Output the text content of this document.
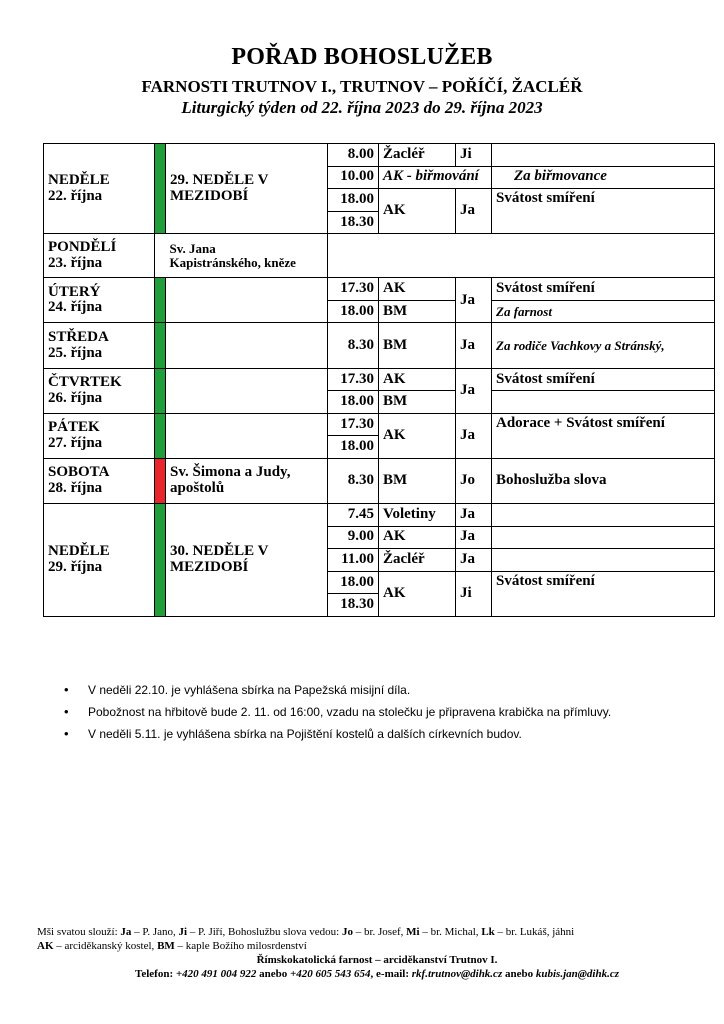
POŘAD BOHOSLUŽEB
FARNOSTI TRUTNOV I., TRUTNOV – POŘÍČÍ, ŽACLÉŘ
Liturgický týden od 22. října 2023 do 29. října 2023
NEDĚLE
22. října		29. NEDĚLE V MEZIDOBÍ	8.00	Žacléř	Ji	
			10.00	AK - biřmování		Za biřmovance
			18.00	AK	Ja	Svátost smíření
			18.30			
PONDĚLÍ
23. října		Sv. Jana
Kapistránského, kněze				
ÚTERÝ
24. října			17.30	AK	Ja	Svátost smíření
			18.00	BM		Za farnost
STŘEDA
25. října			8.30	BM	Ja	Za rodiče Vachkovy a Stránský,
ČTVRTEK
26. října			17.30	AK	Ja	Svátost smíření
			18.00	BM		
PÁTEK
27. října			17.30	AK	Ja	Adorace + Svátost smíření
			18.00			
SOBOTA
28. října		Sv. Šimona a Judy, apoštolů	8.30	BM	Jo	Bohoslužba slova
NEDĚLE
29. října		30. NEDĚLE V MEZIDOBÍ	7.45	Voletiny	Ja	
			9.00	AK	Ja	
			11.00	Žacléř	Ja	
			18.00	AK	Ji	Svátost smíření
			18.30			
• V neděli 22.10. je vyhlášena sbírka na Papežská misijní díla.
• Pobožnost na hřbitově bude 2. 11. od 16:00, vzadu na stolečku je připravena krabička na přímluvy.
• V neděli 5.11. je vyhlášena sbírka na Pojištění kostelů a dalších církevních budov.
Mši svatou slouží: Ja – P. Jano, Ji – P. Jiří, Bohoslužbu slova vedou: Jo – br. Josef, Mi – br. Michal, Lk – br. Lukáš, jáhni
AK – arciděkanský kostel, BM – kaple Božího milosrdenství
Římskokatolická farnost – arciděkanství Trutnov I.
Telefon: +420 491 004 922 anebo +420 605 543 654, e-mail: rkf.trutnov@dihk.cz anebo kubis.jan@dihk.cz
